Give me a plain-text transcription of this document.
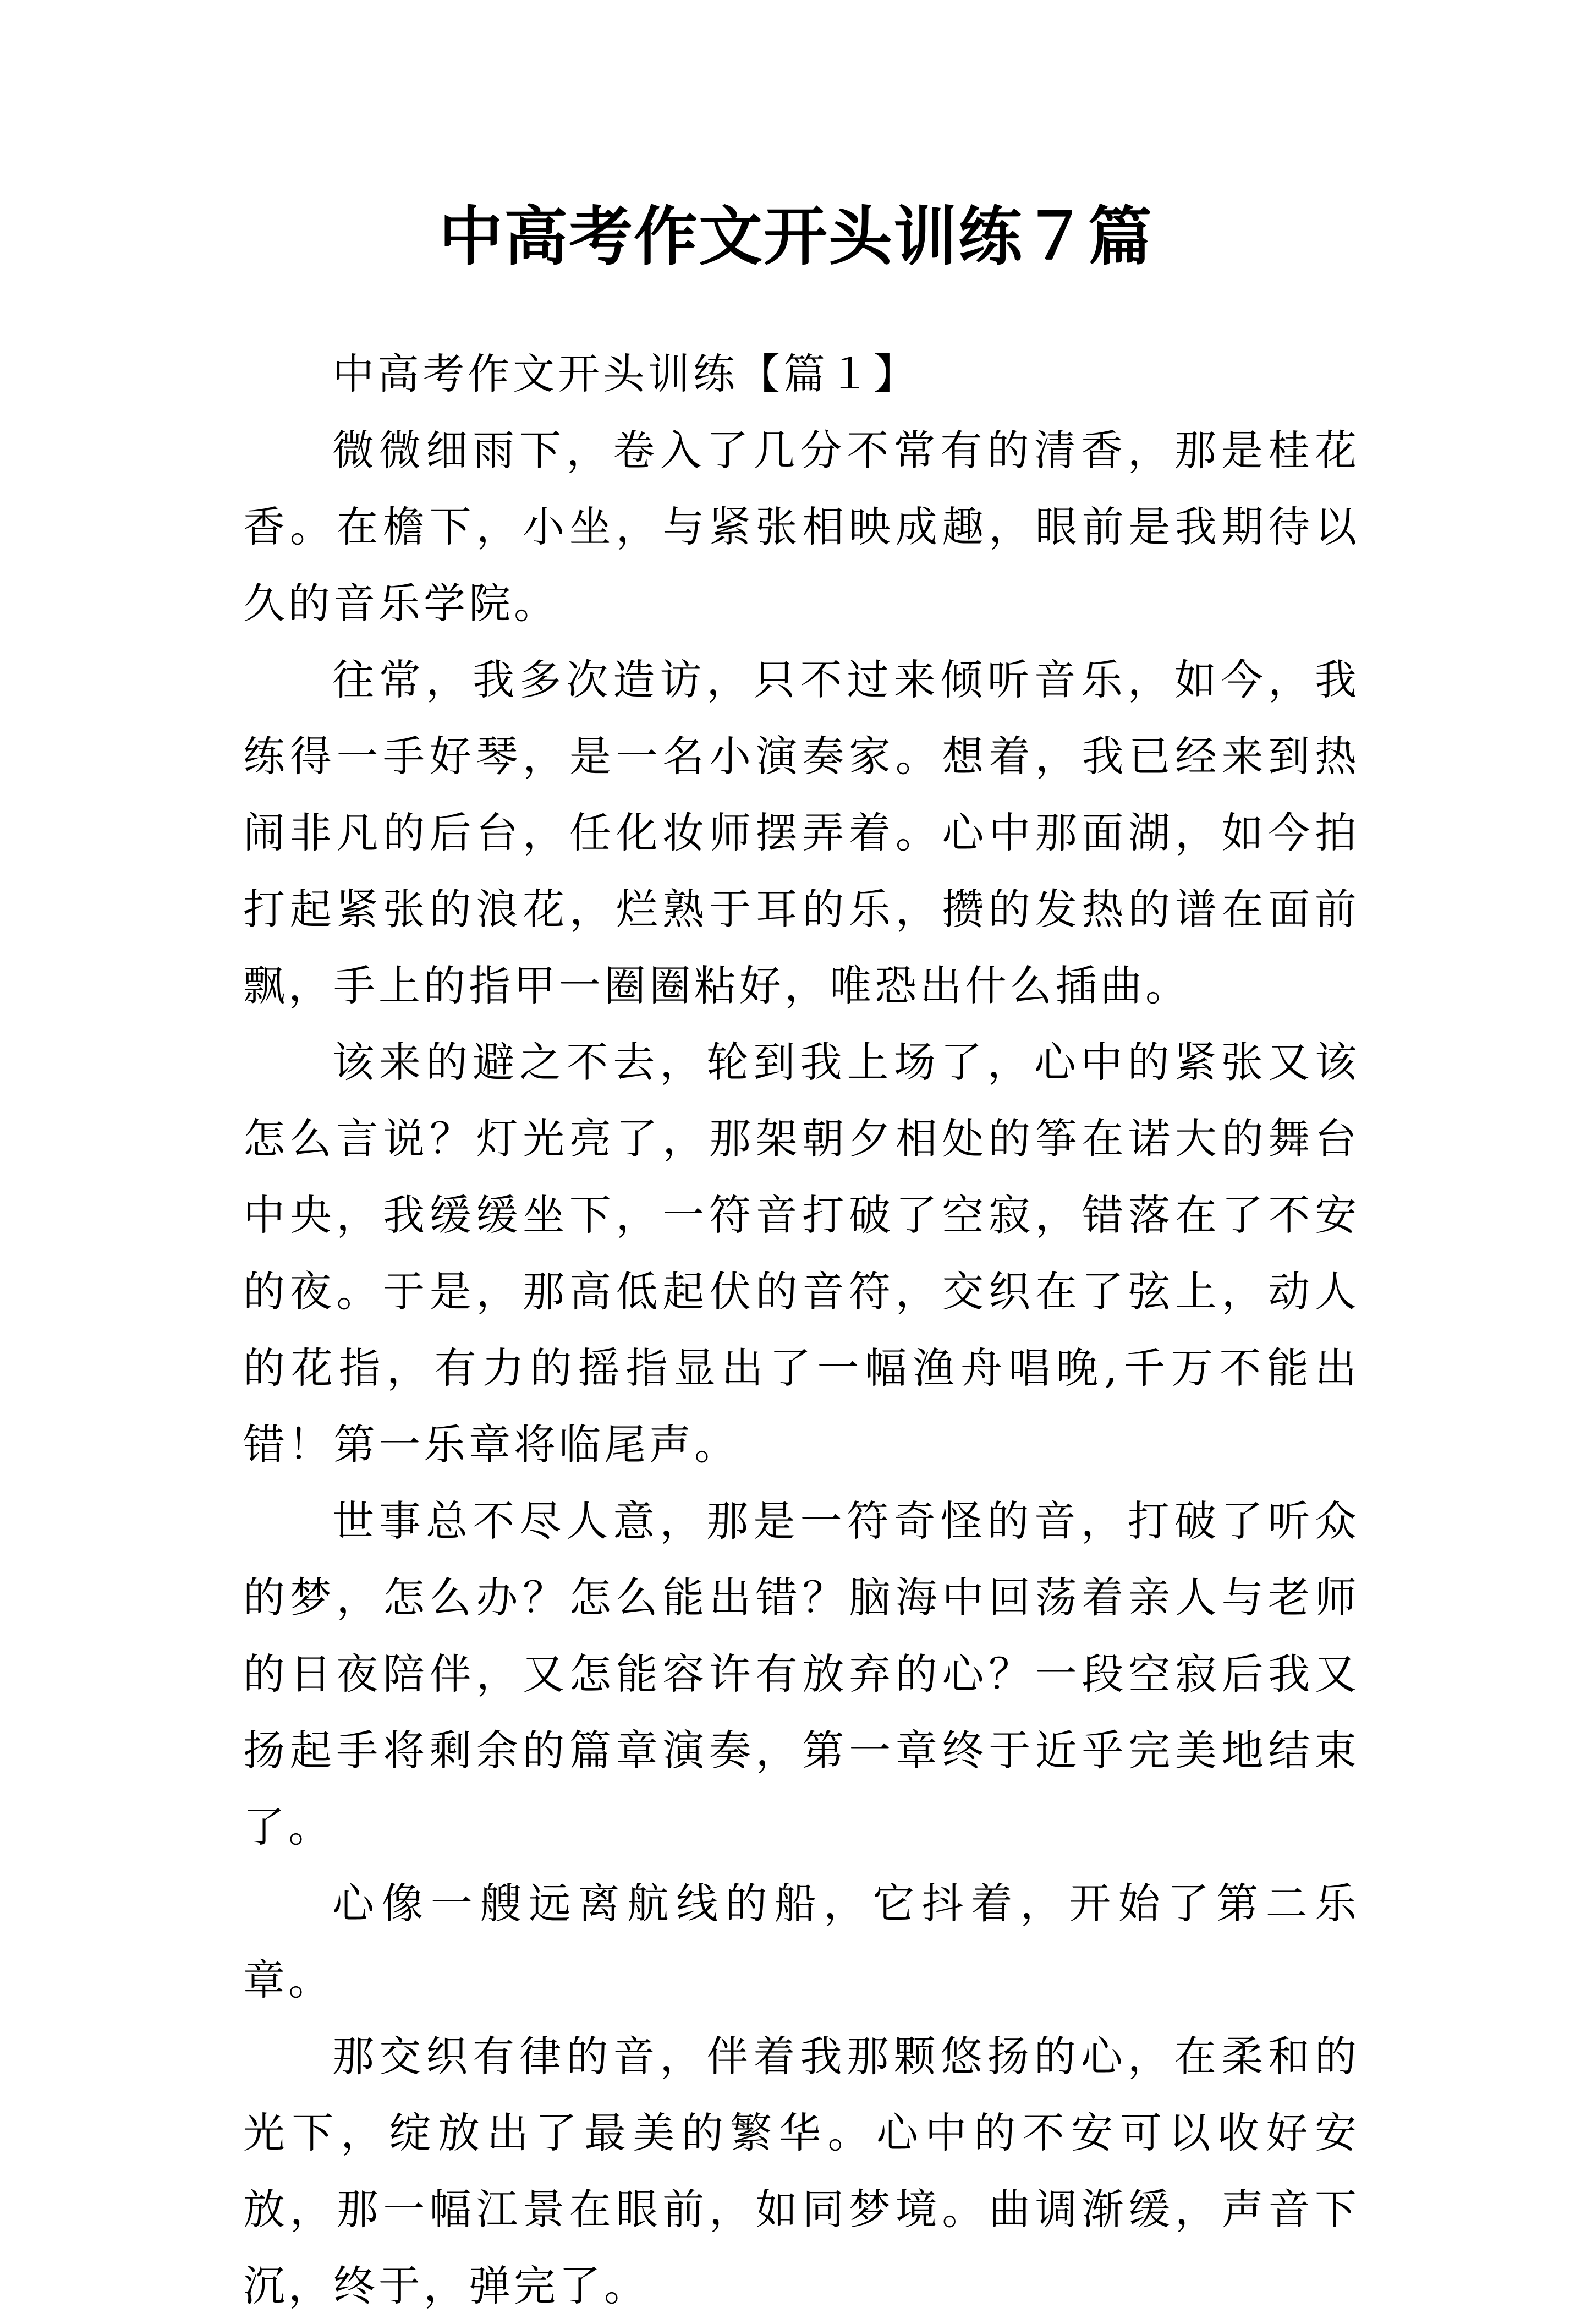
中高考作文开头训练７篇

中高考作文开头训练【篇１】

微微细雨下，卷入了几分不常有的清香，那是桂花香。在檐下，小坐，与紧张相映成趣，眼前是我期待以久的音乐学院。

往常，我多次造访，只不过来倾听音乐，如今，我练得一手好琴，是一名小演奏家。想着，我已经来到热闹非凡的后台，任化妆师摆弄着。心中那面湖，如今拍打起紧张的浪花，烂熟于耳的乐，攒的发热的谱在面前飘，手上的指甲一圈圈粘好，唯恐出什么插曲。

该来的避之不去，轮到我上场了，心中的紧张又该怎么言说？灯光亮了，那架朝夕相处的筝在诺大的舞台中央，我缓缓坐下，一符音打破了空寂，错落在了不安的夜。于是，那高低起伏的音符，交织在了弦上，动人的花指，有力的摇指显出了一幅渔舟唱晚,千万不能出错！第一乐章将临尾声。

世事总不尽人意，那是一符奇怪的音，打破了听众的梦，怎么办？怎么能出错？脑海中回荡着亲人与老师的日夜陪伴，又怎能容许有放弃的心？一段空寂后我又扬起手将剩余的篇章演奏，第一章终于近乎完美地结束了。

心像一艘远离航线的船，它抖着，开始了第二乐章。

那交织有律的音，伴着我那颗悠扬的心，在柔和的光下，绽放出了最美的繁华。心中的不安可以收好安放，那一幅江景在眼前，如同梦境。曲调渐缓，声音下沉，终于，弹完了。
